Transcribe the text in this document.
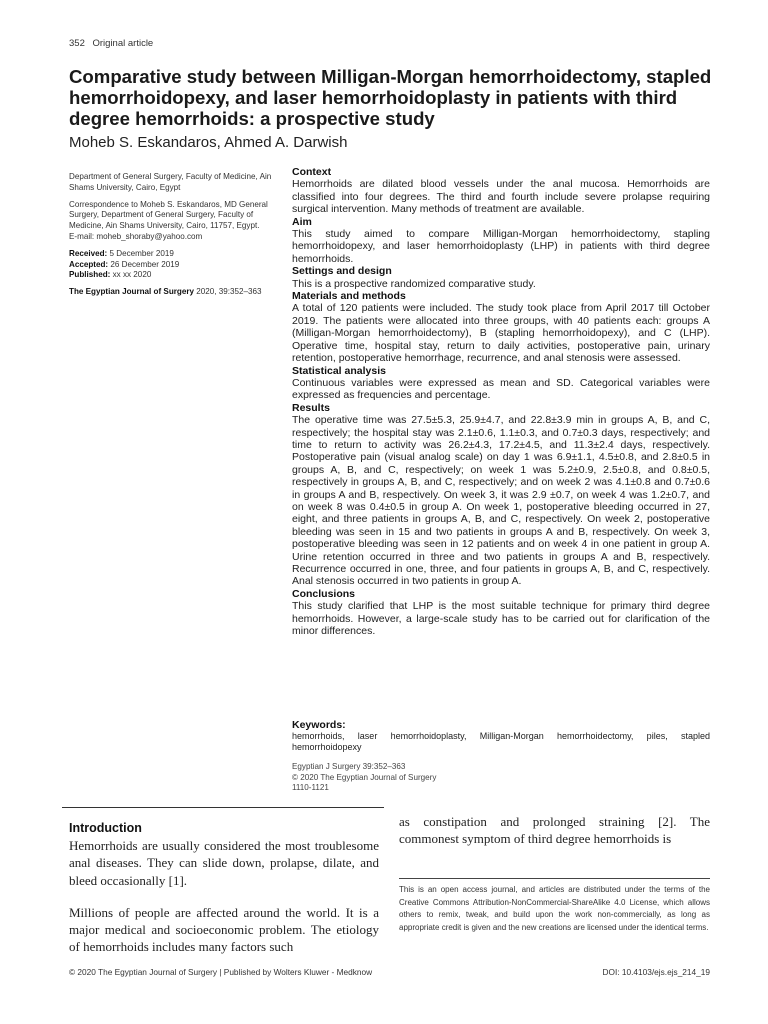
352 Original article
Comparative study between Milligan-Morgan hemorrhoidectomy, stapled hemorrhoidopexy, and laser hemorrhoidoplasty in patients with third degree hemorrhoids: a prospective study
Moheb S. Eskandaros, Ahmed A. Darwish

Department of General Surgery, Faculty of Medicine, Ain Shams University, Cairo, Egypt

Correspondence to Moheb S. Eskandaros, MD General Surgery, Department of General Surgery, Faculty of Medicine, Ain Shams University, Cairo, 11757, Egypt.
E-mail: moheb_shoraby@yahoo.com

Received: 5 December 2019
Accepted: 26 December 2019
Published: xx xx 2020

The Egyptian Journal of Surgery 2020, 39:352–363

Context

Hemorrhoids are dilated blood vessels under the anal mucosa. Hemorrhoids are classified into four degrees. The third and fourth include severe prolapse requiring surgical intervention. Many methods of treatment are available.

Aim

This study aimed to compare Milligan-Morgan hemorrhoidectomy, stapling hemorrhoidopexy, and laser hemorrhoidoplasty (LHP) in patients with third degree hemorrhoids.

Settings and design

This is a prospective randomized comparative study.

Materials and methods

A total of 120 patients were included. The study took place from April 2017 till October 2019. The patients were allocated into three groups, with 40 patients each: groups A (Milligan-Morgan hemorrhoidectomy), B (stapling hemorrhoidopexy), and C (LHP). Operative time, hospital stay, return to daily activities, postoperative pain, urinary retention, postoperative hemorrhage, recurrence, and anal stenosis were assessed.

Statistical analysis

Continuous variables were expressed as mean and SD. Categorical variables were expressed as frequencies and percentage.

Results

The operative time was 27.5±5.3, 25.9±4.7, and 22.8±3.9 min in groups A, B, and C, respectively; the hospital stay was 2.1±0.6, 1.1±0.3, and 0.7±0.3 days, respectively; and time to return to activity was 26.2±4.3, 17.2±4.5, and 11.3±2.4 days, respectively. Postoperative pain (visual analog scale) on day 1 was 6.9±1.1, 4.5±0.8, and 2.8±0.5 in groups A, B, and C, respectively; on week 1 was 5.2±0.9, 2.5±0.8, and 0.8±0.5, respectively in groups A, B, and C, respectively; and on week 2 was 4.1±0.8 and 0.7±0.6 in groups A and B, respectively. On week 3, it was 2.9 ±0.7, on week 4 was 1.2±0.7, and on week 8 was 0.4±0.5 in group A. On week 1, postoperative bleeding occurred in 27, eight, and three patients in groups A, B, and C, respectively. On week 2, postoperative bleeding was seen in 15 and two patients in groups A and B, respectively. On week 3, postoperative bleeding was seen in 12 patients and on week 4 in one patient in group A. Urine retention occurred in three and two patients in groups A and B, respectively. Recurrence occurred in one, three, and four patients in groups A, B, and C, respectively. Anal stenosis occurred in two patients in group A.

Conclusions

This study clarified that LHP is the most suitable technique for primary third degree hemorrhoids. However, a large-scale study has to be carried out for clarification of the minor differences.

Keywords:

hemorrhoids, laser hemorrhoidoplasty, Milligan-Morgan hemorrhoidectomy, piles, stapled hemorrhoidopexy

Egyptian J Surgery 39:352–363
© 2020 The Egyptian Journal of Surgery
1110-1121
Introduction

Hemorrhoids are usually considered the most troublesome anal diseases. They can slide down, prolapse, dilate, and bleed occasionally [1].

Millions of people are affected around the world. It is a major medical and socioeconomic problem. The etiology of hemorrhoids includes many factors such

as constipation and prolonged straining [2]. The commonest symptom of third degree hemorrhoids is

This is an open access journal, and articles are distributed under the terms of the Creative Commons Attribution-NonCommercial-ShareAlike 4.0 License, which allows others to remix, tweak, and build upon the work non-commercially, as long as appropriate credit is given and the new creations are licensed under the identical terms.
© 2020 The Egyptian Journal of Surgery | Published by Wolters Kluwer - Medknow	DOI: 10.4103/ejs.ejs_214_19
